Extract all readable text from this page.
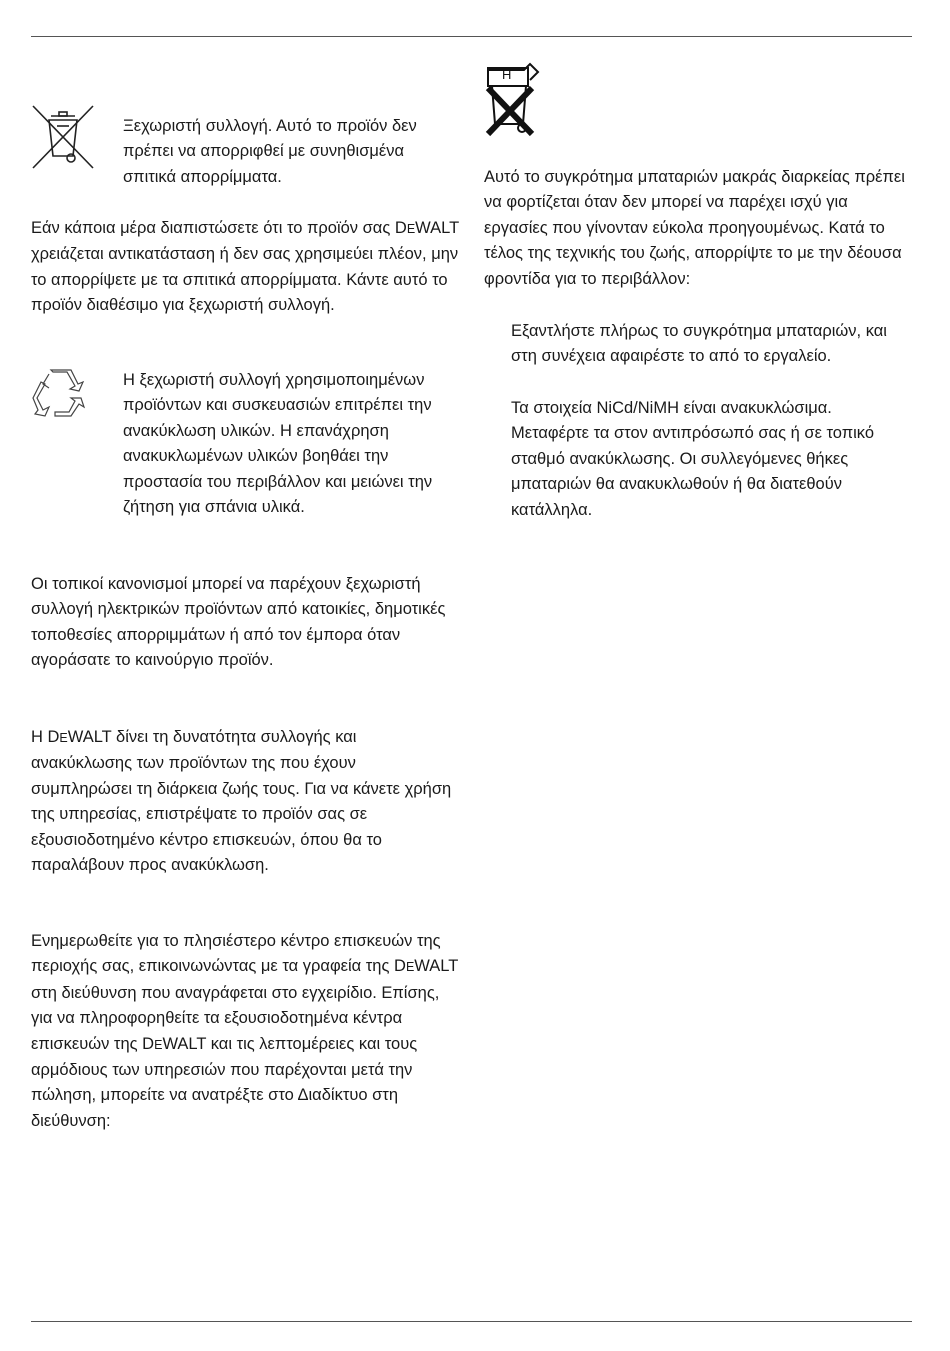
Ξεχωριστή συλλογή. Αυτό το προϊόν δεν πρέπει να απορριφθεί με συνηθισμένα σπιτικά απορρίμματα.

Εάν κάποια μέρα διαπιστώσετε ότι το προϊόν σας DEWALT χρειάζεται αντικατάσταση ή δεν σας χρησιμεύει πλέον, μην το απορρίψετε με τα σπιτικά απορρίμματα. Κάντε αυτό το προϊόν διαθέσιμο για ξεχωριστή συλλογή.

Η ξεχωριστή συλλογή χρησιμοποιημένων προϊόντων και συσκευασιών επιτρέπει την ανακύκλωση υλικών. Η επανάχρηση ανακυκλωμένων υλικών βοηθάει την προστασία του περιβάλλον και μειώνει την ζήτηση για σπάνια υλικά.

Οι τοπικοί κανονισμοί μπορεί να παρέχουν ξεχωριστή συλλογή ηλεκτρικών προϊόντων από κατοικίες, δημοτικές τοποθεσίες απορριμμάτων ή από τον έμπορα όταν αγοράσατε το καινούργιο προϊόν.

Η DEWALT δίνει τη δυνατότητα συλλογής και ανακύκλωσης των προϊόντων της που έχουν συμπληρώσει τη διάρκεια ζωής τους. Για να κάνετε χρήση της υπηρεσίας, επιστρέψατε το προϊόν σας σε εξουσιοδοτημένο κέντρο επισκευών, όπου θα το παραλάβουν προς ανακύκλωση.

Ενημερωθείτε για το πλησιέστερο κέντρο επισκευών της περιοχής σας, επικοινωνώντας με τα γραφεία της DEWALT στη διεύθυνση που αναγράφεται στο εγχειρίδιο. Επίσης, για να πληροφορηθείτε τα εξουσιοδοτημένα κέντρα επισκευών της DEWALT και τις λεπτομέρειες και τους αρμόδιους των υπηρεσιών που παρέχονται μετά την πώληση, μπορείτε να ανατρέξτε στο Διαδίκτυο στη διεύθυνση:

H

Αυτό το συγκρότημα μπαταριών μακράς διαρκείας πρέπει να φορτίζεται όταν δεν μπορεί να παρέχει ισχύ για εργασίες που γίνονταν εύκολα προηγουμένως. Κατά το τέλος της τεχνικής του ζωής, απορρίψτε το με την δέουσα φροντίδα για το περιβάλλον:

Εξαντλήστε πλήρως το συγκρότημα μπαταριών, και στη συνέχεια αφαιρέστε το από το εργαλείο.

Τα στοιχεία NiCd/NiMH είναι ανακυκλώσιμα. Μεταφέρτε τα στον αντιπρόσωπό σας ή σε τοπικό σταθμό ανακύκλωσης. Οι συλλεγόμενες θήκες μπαταριών θα ανακυκλωθούν ή θα διατεθούν κατάλληλα.
